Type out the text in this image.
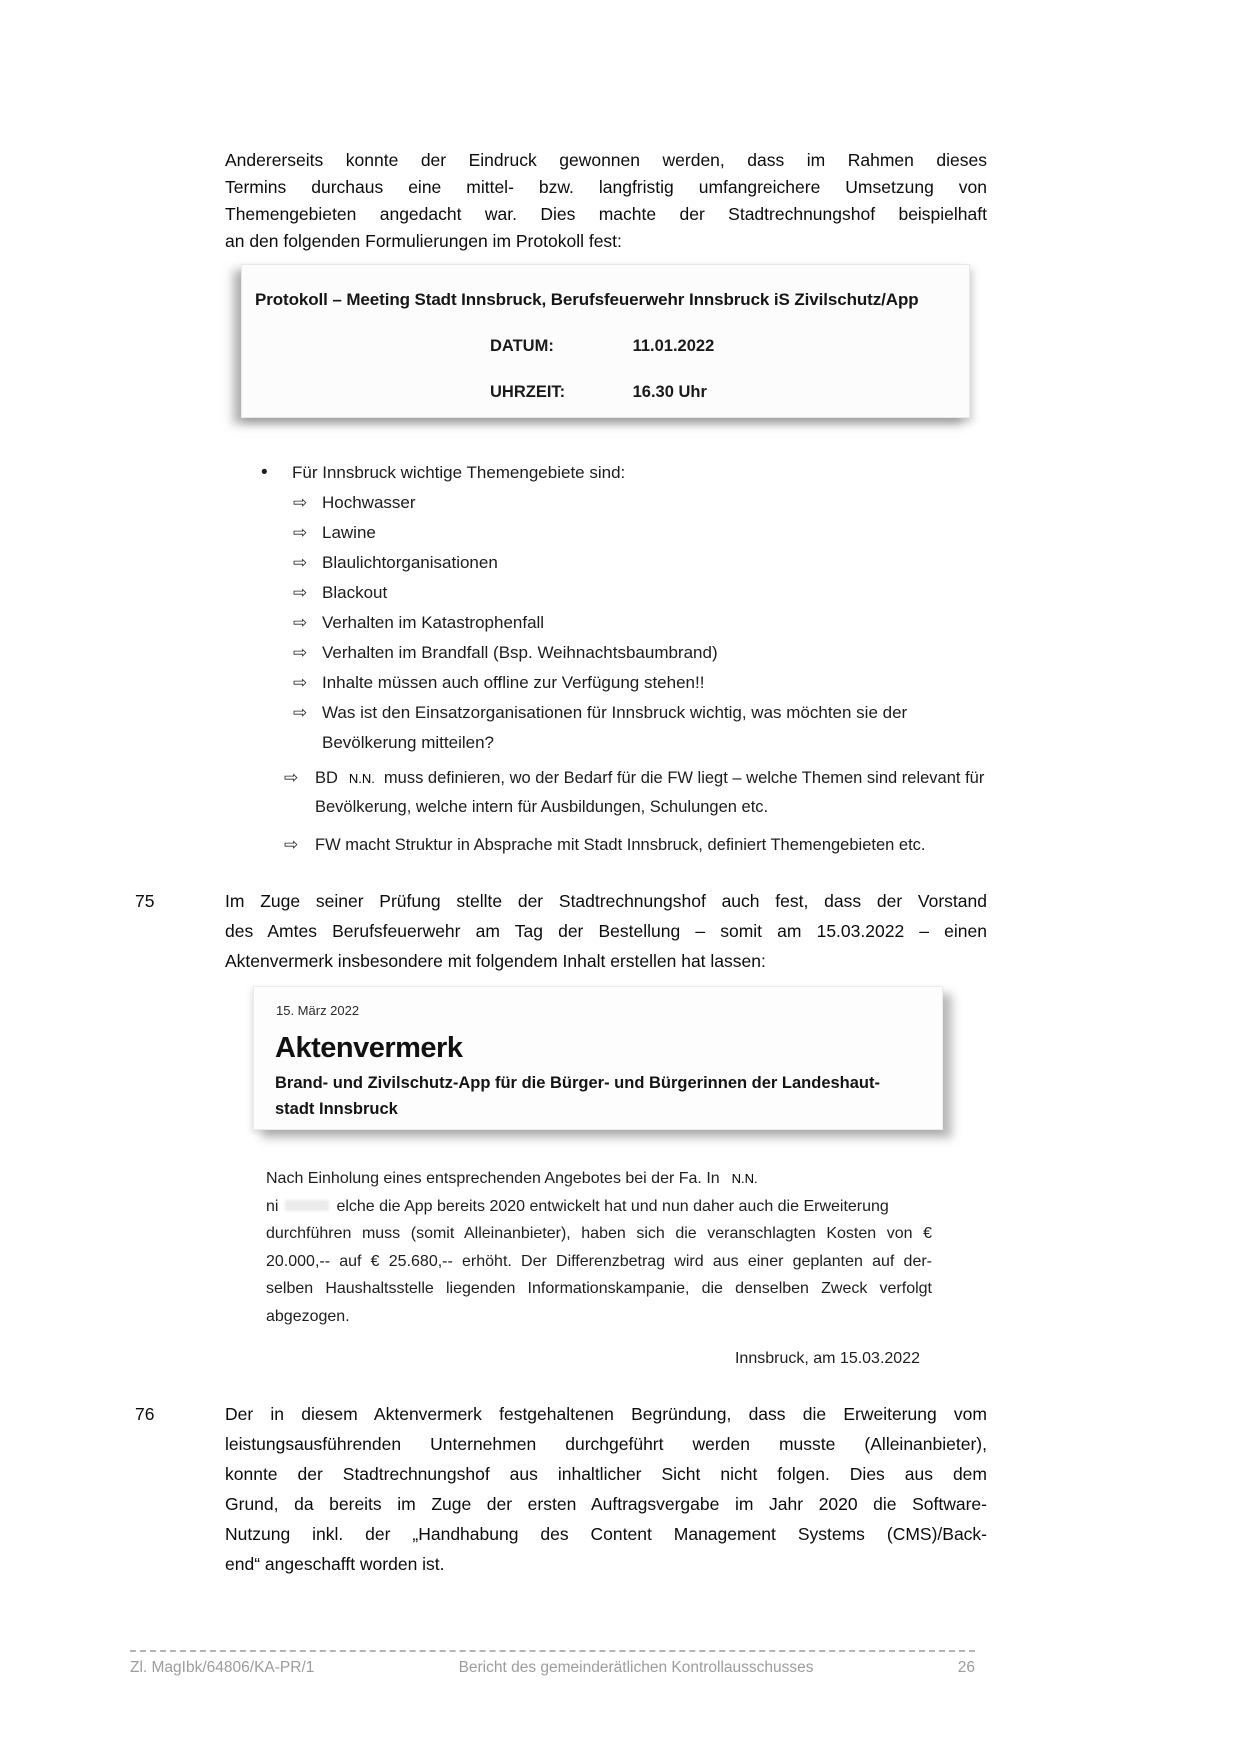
Andererseits konnte der Eindruck gewonnen werden, dass im Rahmen dieses
Termins durchaus eine mittel- bzw. langfristig umfangreichere Umsetzung von
Themengebieten angedacht war. Dies machte der Stadtrechnungshof beispielhaft
an den folgenden Formulierungen im Protokoll fest:
Protokoll – Meeting Stadt Innsbruck, Berufsfeuerwehr Innsbruck iS Zivilschutz/App
DATUM:	11.01.2022
UHRZEIT:	16.30 Uhr
• Für Innsbruck wichtige Themengebiete sind:
⇨ Hochwasser
⇨ Lawine
⇨ Blaulichtorganisationen
⇨ Blackout
⇨ Verhalten im Katastrophenfall
⇨ Verhalten im Brandfall (Bsp. Weihnachtsbaumbrand)
⇨ Inhalte müssen auch offline zur Verfügung stehen!!
⇨ Was ist den Einsatzorganisationen für Innsbruck wichtig, was möchten sie der Bevölkerung mitteilen?
⇨ BD N.N. muss definieren, wo der Bedarf für die FW liegt – welche Themen sind relevant für Bevölkerung, welche intern für Ausbildungen, Schulungen etc.
⇨ FW macht Struktur in Absprache mit Stadt Innsbruck, definiert Themengebieten etc.
75	Im Zuge seiner Prüfung stellte der Stadtrechnungshof auch fest, dass der Vorstand
des Amtes Berufsfeuerwehr am Tag der Bestellung – somit am 15.03.2022 – einen
Aktenvermerk insbesondere mit folgendem Inhalt erstellen hat lassen:
15. März 2022
Aktenvermerk
Brand- und Zivilschutz-App für die Bürger- und Bürgerinnen der Landeshaut-
stadt Innsbruck
Nach Einholung eines entsprechenden Angebotes bei der Fa. In N.N.
ni	elche die App bereits 2020 entwickelt hat und nun daher auch die Erweiterung
durchführen muss (somit Alleinanbieter), haben sich die veranschlagten Kosten von €
20.000,-- auf € 25.680,-- erhöht. Der Differenzbetrag wird aus einer geplanten auf der-
selben Haushaltsstelle liegenden Informationskampanie, die denselben Zweck verfolgt
abgezogen.
Innsbruck, am 15.03.2022
76	Der in diesem Aktenvermerk festgehaltenen Begründung, dass die Erweiterung vom
leistungsausführenden Unternehmen durchgeführt werden musste (Alleinanbieter),
konnte der Stadtrechnungshof aus inhaltlicher Sicht nicht folgen. Dies aus dem
Grund, da bereits im Zuge der ersten Auftragsvergabe im Jahr 2020 die Software-
Nutzung inkl. der „Handhabung des Content Management Systems (CMS)/Back-
end“ angeschafft worden ist.
Zl. MagIbk/64806/KA-PR/1	Bericht des gemeinderätlichen Kontrollausschusses	26
